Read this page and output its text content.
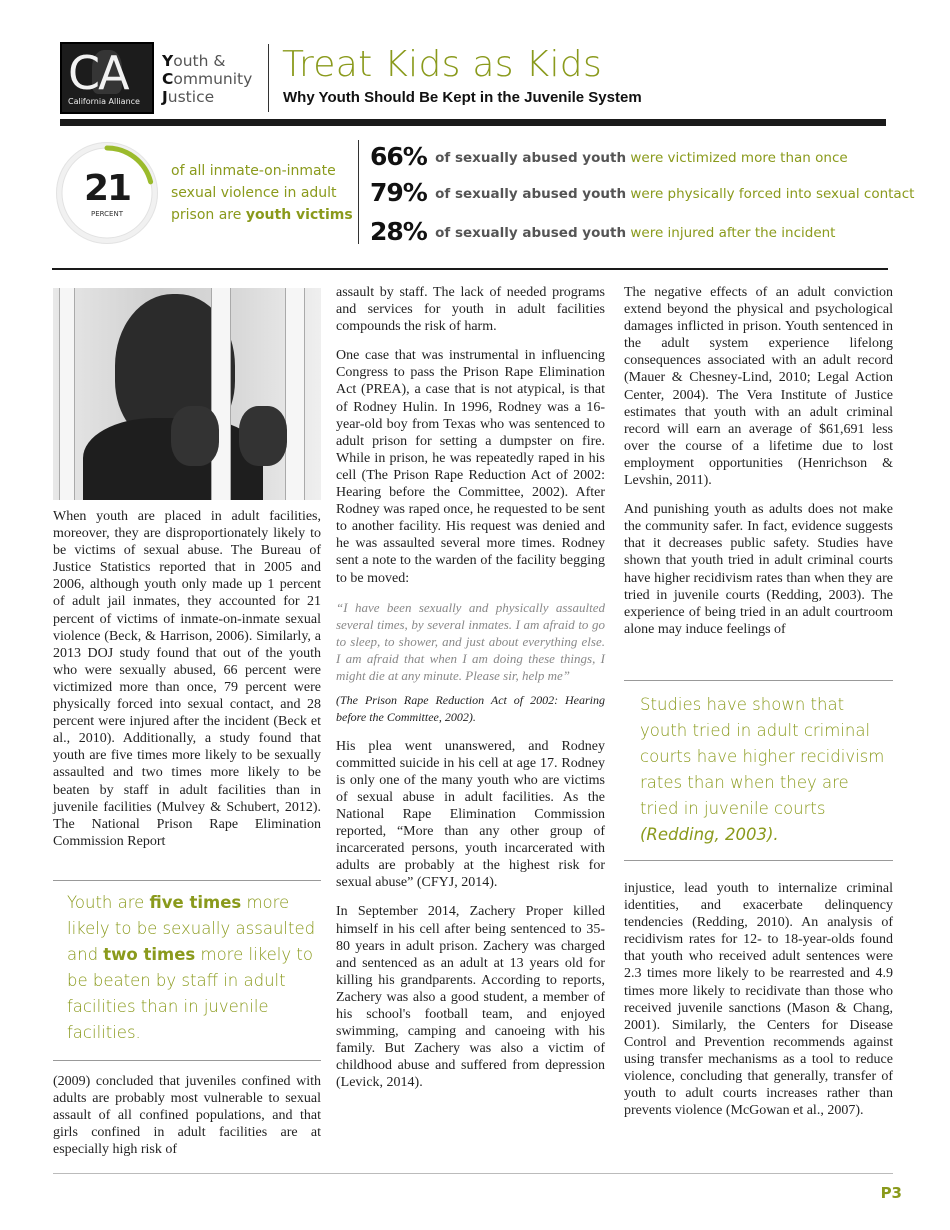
CA
California Alliance
Youth &
Community
Justice
Treat Kids as Kids
Why Youth Should Be Kept in the Juvenile System
21
PERCENT
of all inmate-on-inmate sexual violence in adult prison are youth victims
66% of sexually abused youth were victimized more than once
79% of sexually abused youth were physically forced into sexual contact
28% of sexually abused youth were injured after the incident

When youth are placed in adult facilities, moreover, they are disproportionately likely to be victims of sexual abuse. The Bureau of Justice Statistics reported that in 2005 and 2006, although youth only made up 1 percent of adult jail inmates, they accounted for 21 percent of victims of inmate-on-inmate sexual violence (Beck, & Harrison, 2006). Similarly, a 2013 DOJ study found that out of the youth who were sexually abused, 66 percent were victimized more than once, 79 percent were physically forced into sexual contact, and 28 percent were injured after the incident (Beck et al., 2010). Additionally, a study found that youth are five times more likely to be sexually assaulted and two times more likely to be beaten by staff in adult facilities than in juvenile facilities (Mulvey & Schubert, 2012). The National Prison Rape Elimination Commission Report

Youth are five times more likely to be sexually assaulted and two times more likely to be beaten by staff in adult facilities than in juvenile facilities.

(2009) concluded that juveniles confined with adults are probably most vulnerable to sexual assault of all confined populations, and that girls confined in adult facilities are at especially high risk of

assault by staff. The lack of needed programs and services for youth in adult facilities compounds the risk of harm.

One case that was instrumental in influencing Congress to pass the Prison Rape Elimination Act (PREA), a case that is not atypical, is that of Rodney Hulin. In 1996, Rodney was a 16-year-old boy from Texas who was sentenced to adult prison for setting a dumpster on fire. While in prison, he was repeatedly raped in his cell (The Prison Rape Reduction Act of 2002: Hearing before the Committee, 2002). After Rodney was raped once, he requested to be sent to another facility. His request was denied and he was assaulted several more times. Rodney sent a note to the warden of the facility begging to be moved:

“I have been sexually and physically assaulted several times, by several inmates. I am afraid to go to sleep, to shower, and just about everything else. I am afraid that when I am doing these things, I might die at any minute. Please sir, help me”

(The Prison Rape Reduction Act of 2002: Hearing before the Committee, 2002).

His plea went unanswered, and Rodney committed suicide in his cell at age 17. Rodney is only one of the many youth who are victims of sexual abuse in adult facilities. As the National Rape Elimination Commission reported, “More than any other group of incarcerated persons, youth incarcerated with adults are probably at the highest risk for sexual abuse” (CFYJ, 2014).

In September 2014, Zachery Proper killed himself in his cell after being sentenced to 35-80 years in adult prison. Zachery was charged and sentenced as an adult at 13 years old for killing his grandparents. According to reports, Zachery was also a good student, a member of his school's football team, and enjoyed swimming, camping and canoeing with his family. But Zachery was also a victim of childhood abuse and suffered from depression (Levick, 2014).

The negative effects of an adult conviction extend beyond the physical and psychological damages inflicted in prison. Youth sentenced in the adult system experience lifelong consequences associated with an adult record (Mauer & Chesney-Lind, 2010; Legal Action Center, 2004). The Vera Institute of Justice estimates that youth with an adult criminal record will earn an average of $61,691 less over the course of a lifetime due to lost employment opportunities (Henrichson & Levshin, 2011).

And punishing youth as adults does not make the community safer. In fact, evidence suggests that it decreases public safety. Studies have shown that youth tried in adult criminal courts have higher recidivism rates than when they are tried in juvenile courts (Redding, 2003). The experience of being tried in an adult courtroom alone may induce feelings of

Studies have shown that youth tried in adult criminal courts have higher recidivism rates than when they are tried in juvenile courts (Redding, 2003).

injustice, lead youth to internalize criminal identities, and exacerbate delinquency tendencies (Redding, 2010). An analysis of recidivism rates for 12- to 18-year-olds found that youth who received adult sentences were 2.3 times more likely to be rearrested and 4.9 times more likely to recidivate than those who received juvenile sanctions (Mason & Chang, 2001). Similarly, the Centers for Disease Control and Prevention recommends against using transfer mechanisms as a tool to reduce violence, concluding that generally, transfer of youth to adult courts increases rather than prevents violence (McGowan et al., 2007).

P3
